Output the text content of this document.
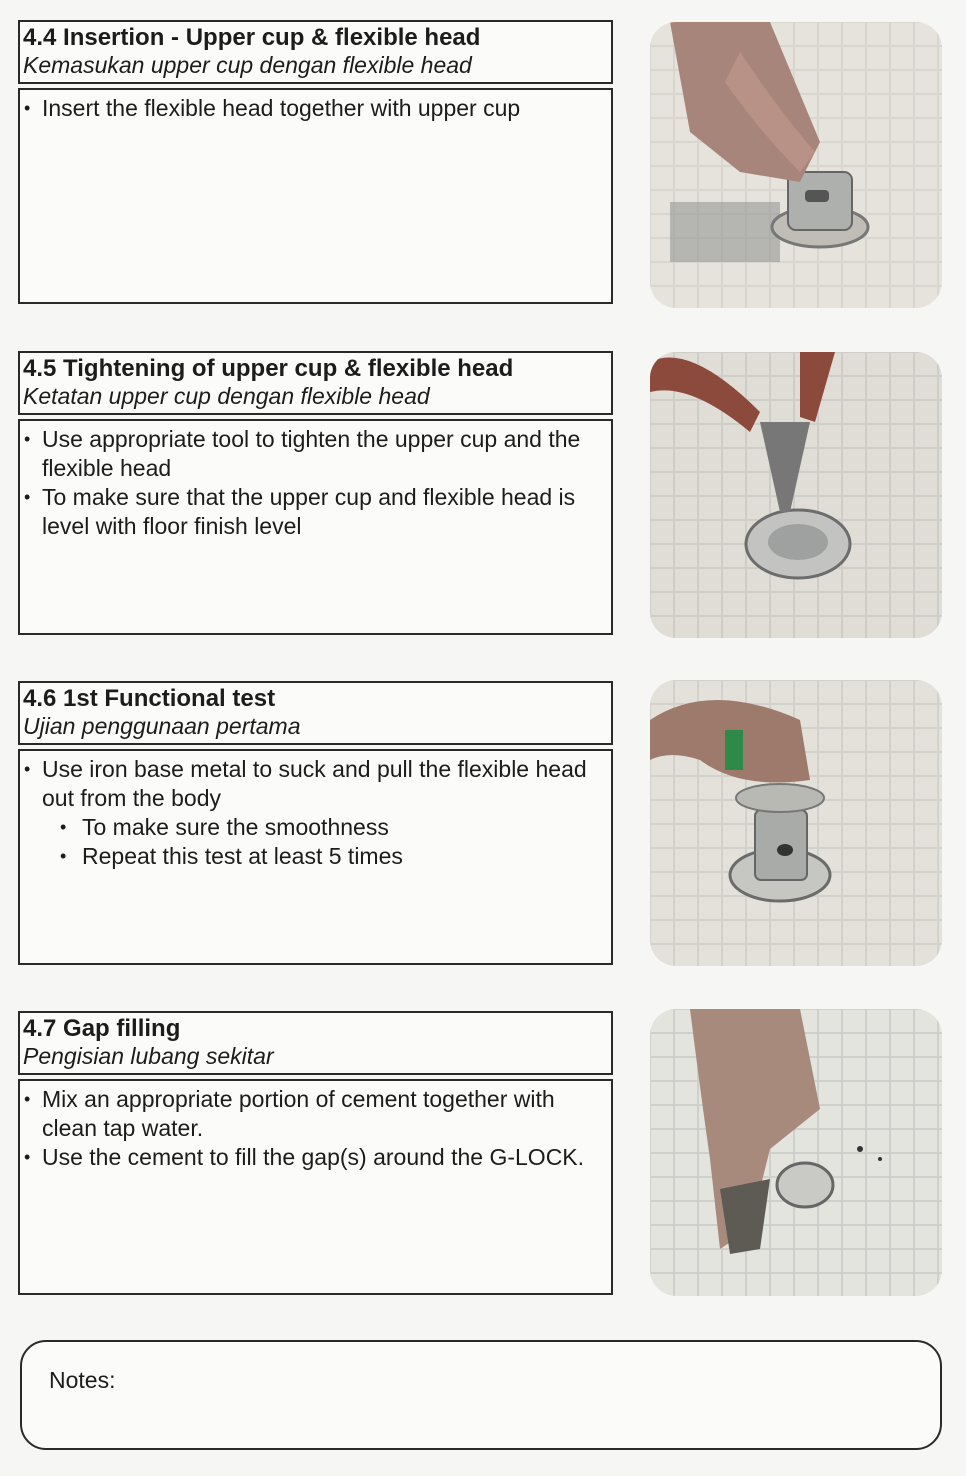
4.4 Insertion - Upper cup & flexible head

Kemasukan upper cup dengan flexible head

• Insert the flexible head together with upper cup

4.5 Tightening of upper cup & flexible head

Ketatan upper cup dengan flexible head

• Use appropriate tool to tighten the upper cup and the flexible head
• To make sure that the upper cup and flexible head is level with floor finish level

4.6 1st Functional test

Ujian penggunaan pertama

• Use iron base metal to suck and pull the flexible head out from the body
• To make sure the smoothness
• Repeat this test at least 5 times

4.7 Gap filling

Pengisian lubang sekitar

• Mix an appropriate portion of cement together with clean tap water.
• Use the cement to fill the gap(s) around the G-LOCK.
Notes:
